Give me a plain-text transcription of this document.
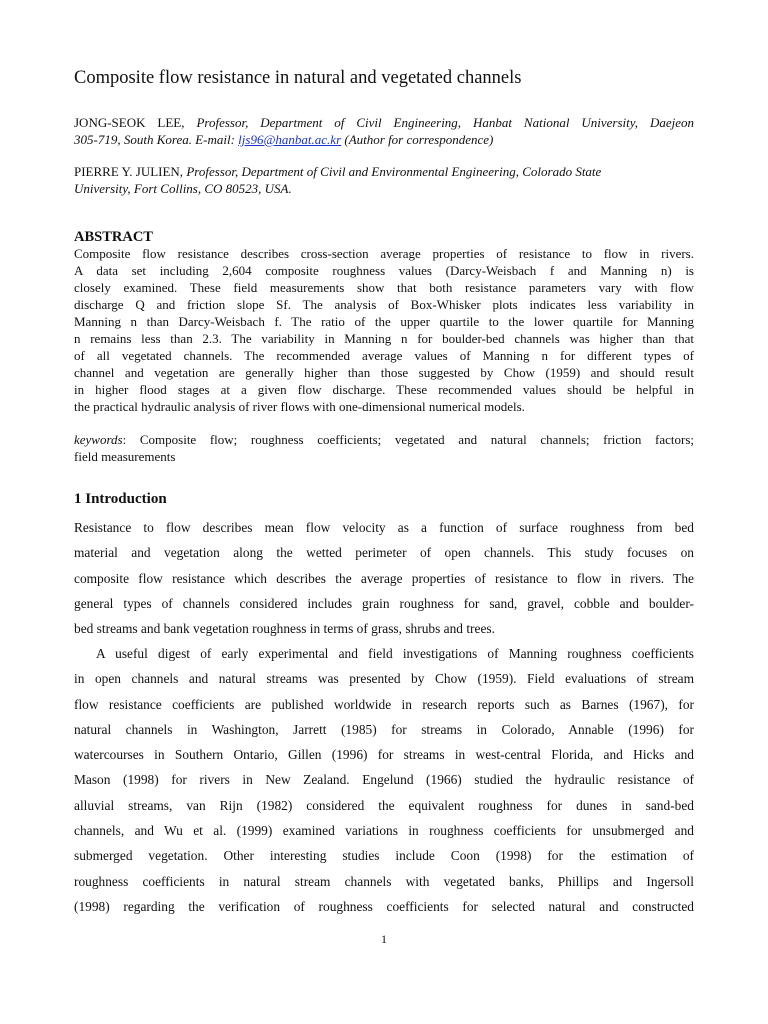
Composite flow resistance in natural and vegetated channels
JONG-SEOK LEE, Professor, Department of Civil Engineering, Hanbat National University, Daejeon
305-719, South Korea. E-mail: ljs96@hanbat.ac.kr (Author for correspondence)
PIERRE Y. JULIEN, Professor, Department of Civil and Environmental Engineering, Colorado State
University, Fort Collins, CO 80523, USA.
ABSTRACT
Composite flow resistance describes cross-section average properties of resistance to flow in rivers.
A data set including 2,604 composite roughness values (Darcy-Weisbach f and Manning n) is
closely examined. These field measurements show that both resistance parameters vary with flow
discharge Q and friction slope Sf. The analysis of Box-Whisker plots indicates less variability in
Manning n than Darcy-Weisbach f. The ratio of the upper quartile to the lower quartile for Manning
n remains less than 2.3. The variability in Manning n for boulder-bed channels was higher than that
of all vegetated channels. The recommended average values of Manning n for different types of
channel and vegetation are generally higher than those suggested by Chow (1959) and should result
in higher flood stages at a given flow discharge. These recommended values should be helpful in
the practical hydraulic analysis of river flows with one-dimensional numerical models.
keywords: Composite flow; roughness coefficients; vegetated and natural channels; friction factors;
field measurements
1 Introduction
Resistance to flow describes mean flow velocity as a function of surface roughness from bed
material and vegetation along the wetted perimeter of open channels. This study focuses on
composite flow resistance which describes the average properties of resistance to flow in rivers. The
general types of channels considered includes grain roughness for sand, gravel, cobble and boulder-
bed streams and bank vegetation roughness in terms of grass, shrubs and trees.
A useful digest of early experimental and field investigations of Manning roughness coefficients
in open channels and natural streams was presented by Chow (1959). Field evaluations of stream
flow resistance coefficients are published worldwide in research reports such as Barnes (1967), for
natural channels in Washington, Jarrett (1985) for streams in Colorado, Annable (1996) for
watercourses in Southern Ontario, Gillen (1996) for streams in west-central Florida, and Hicks and
Mason (1998) for rivers in New Zealand. Engelund (1966) studied the hydraulic resistance of
alluvial streams, van Rijn (1982) considered the equivalent roughness for dunes in sand-bed
channels, and Wu et al. (1999) examined variations in roughness coefficients for unsubmerged and
submerged vegetation. Other interesting studies include Coon (1998) for the estimation of
roughness coefficients in natural stream channels with vegetated banks, Phillips and Ingersoll
(1998) regarding the verification of roughness coefficients for selected natural and constructed
1
